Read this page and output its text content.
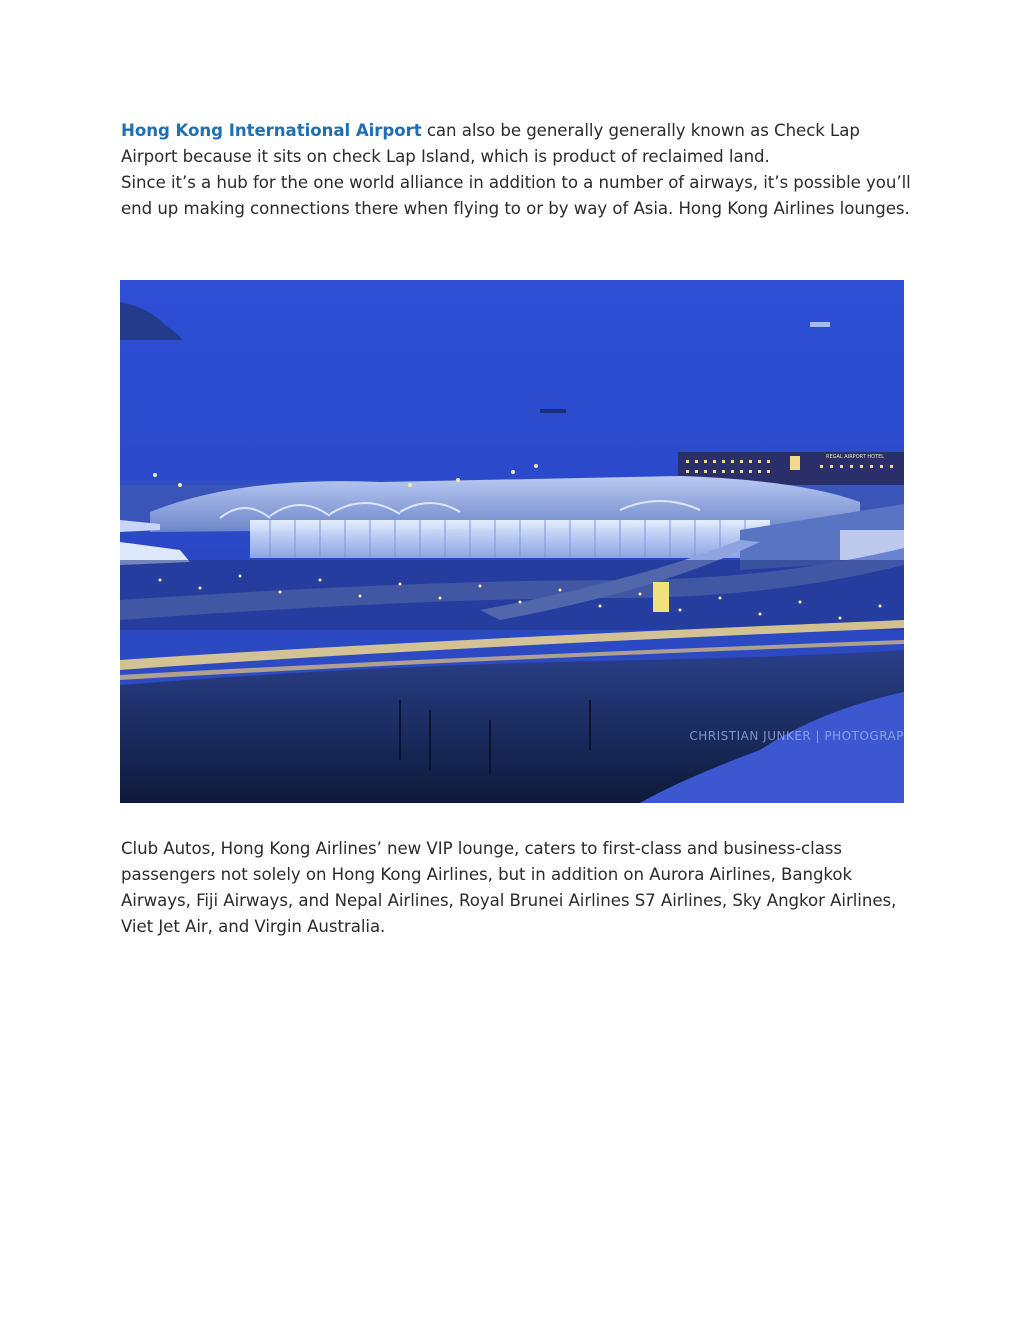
Hong Kong International Airport can also be generally generally known as Check Lap Airport because it sits on check Lap Island, which is product of reclaimed land.

Since it’s a hub for the one world alliance in addition to a number of airways, it’s possible you’ll end up making connections there when flying to or by way of Asia. Hong Kong Airlines lounges.

REGAL AIRPORT HOTEL
CHRISTIAN JUNKER | PHOTOGRAP

Club Autos, Hong Kong Airlines’ new VIP lounge, caters to first-class and business-class passengers not solely on Hong Kong Airlines, but in addition on Aurora Airlines, Bangkok Airways, Fiji Airways, and Nepal Airlines, Royal Brunei Airlines S7 Airlines, Sky Angkor Airlines, Viet Jet Air, and Virgin Australia.
